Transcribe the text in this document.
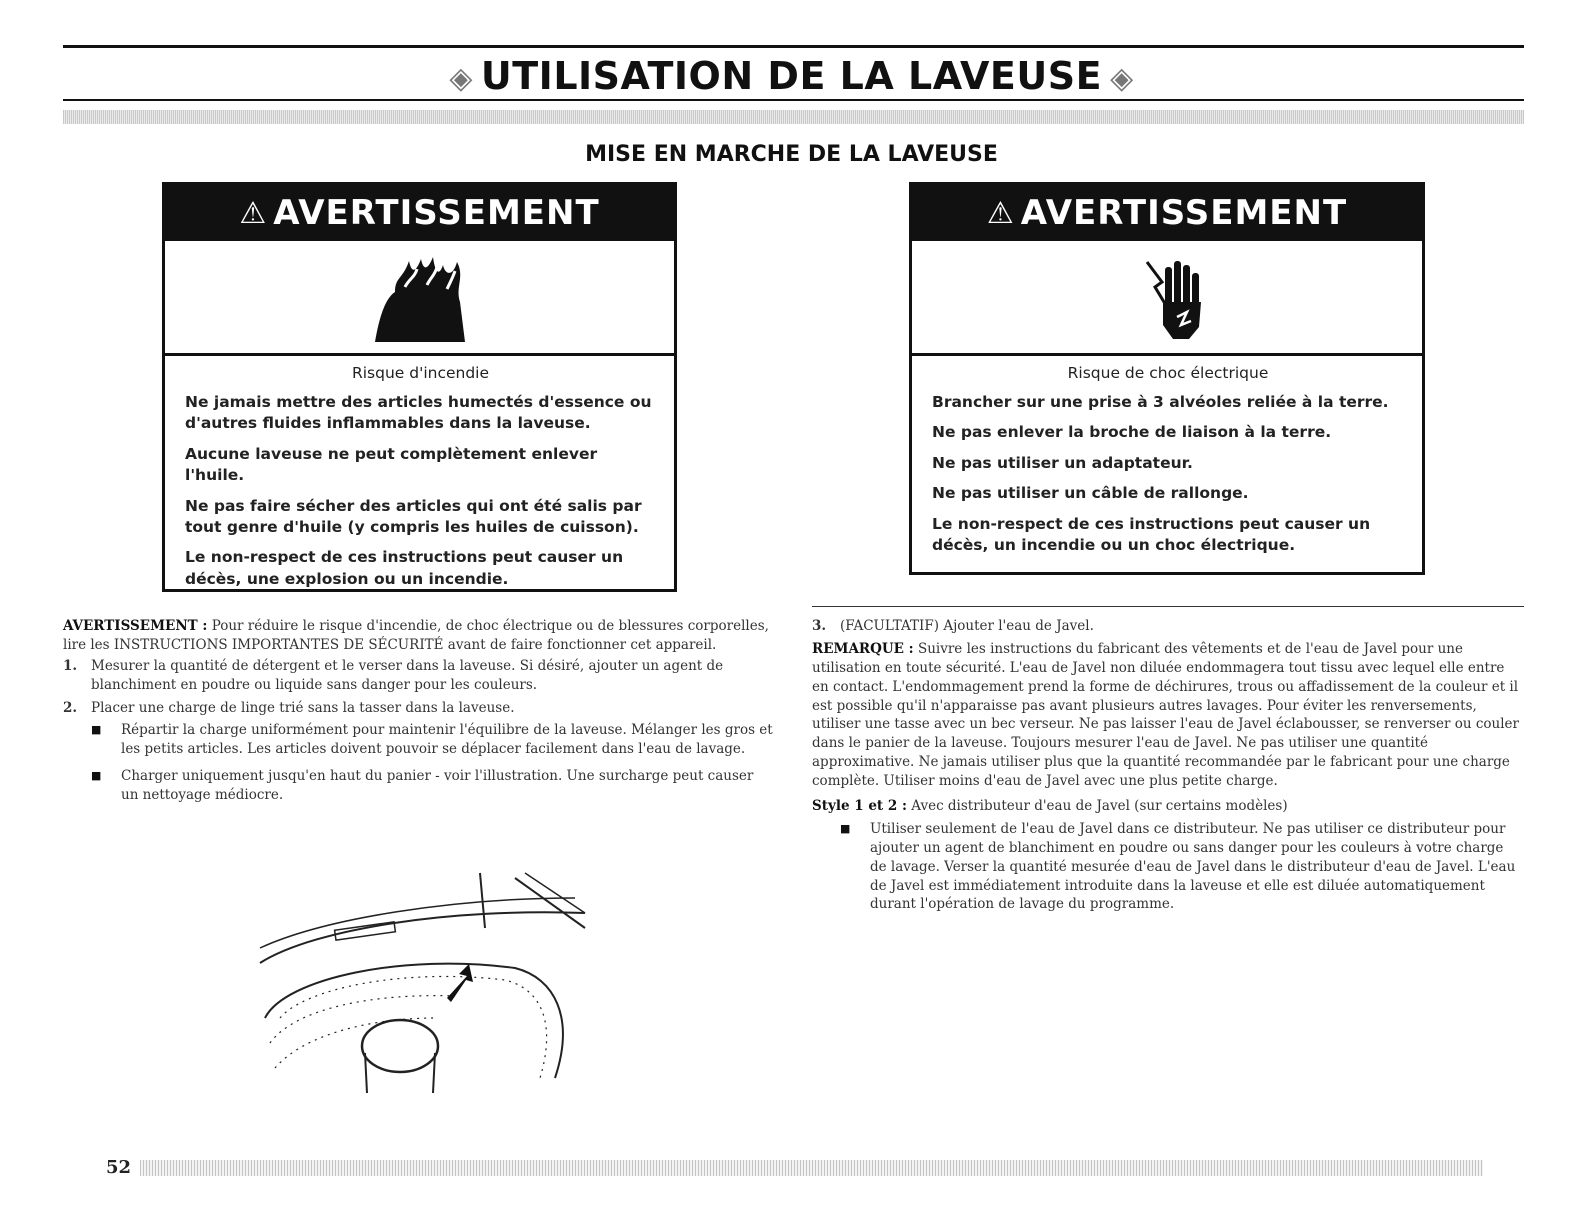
◈ UTILISATION DE LA LAVEUSE ◈
MISE EN MARCHE DE LA LAVEUSE
⚠ AVERTISSEMENT
Risque d'incendie

Ne jamais mettre des articles humectés d'essence ou d'autres fluides inflammables dans la laveuse.

Aucune laveuse ne peut complètement enlever l'huile.

Ne pas faire sécher des articles qui ont été salis par tout genre d'huile (y compris les huiles de cuisson).

Le non-respect de ces instructions peut causer un décès, une explosion ou un incendie.

⚠ AVERTISSEMENT
Risque de choc électrique

Brancher sur une prise à 3 alvéoles reliée à la terre.

Ne pas enlever la broche de liaison à la terre.

Ne pas utiliser un adaptateur.

Ne pas utiliser un câble de rallonge.

Le non-respect de ces instructions peut causer un décès, un incendie ou un choc électrique.

AVERTISSEMENT : Pour réduire le risque d'incendie, de choc électrique ou de blessures corporelles, lire les INSTRUCTIONS IMPORTANTES DE SÉCURITÉ avant de faire fonctionner cet appareil.

1.	Mesurer la quantité de détergent et le verser dans la laveuse. Si désiré, ajouter un agent de blanchiment en poudre ou liquide sans danger pour les couleurs.
2.	Placer une charge de linge trié sans la tasser dans la laveuse.
■	Répartir la charge uniformément pour maintenir l'équilibre de la laveuse. Mélanger les gros et les petits articles. Les articles doivent pouvoir se déplacer facilement dans l'eau de lavage.
■	Charger uniquement jusqu'en haut du panier - voir l'illustration. Une surcharge peut causer un nettoyage médiocre.
3.	(FACULTATIF) Ajouter l'eau de Javel.

REMARQUE : Suivre les instructions du fabricant des vêtements et de l'eau de Javel pour une utilisation en toute sécurité. L'eau de Javel non diluée endommagera tout tissu avec lequel elle entre en contact. L'endommagement prend la forme de déchirures, trous ou affadissement de la couleur et il est possible qu'il n'apparaisse pas avant plusieurs autres lavages. Pour éviter les renversements, utiliser une tasse avec un bec verseur. Ne pas laisser l'eau de Javel éclabousser, se renverser ou couler dans le panier de la laveuse. Toujours mesurer l'eau de Javel. Ne pas utiliser une quantité approximative. Ne jamais utiliser plus que la quantité recommandée par le fabricant pour une charge complète. Utiliser moins d'eau de Javel avec une plus petite charge.

Style 1 et 2 : Avec distributeur d'eau de Javel (sur certains modèles)

■	Utiliser seulement de l'eau de Javel dans ce distributeur. Ne pas utiliser ce distributeur pour ajouter un agent de blanchiment en poudre ou sans danger pour les couleurs à votre charge de lavage. Verser la quantité mesurée d'eau de Javel dans le distributeur d'eau de Javel. L'eau de Javel est immédiatement introduite dans la laveuse et elle est diluée automatiquement durant l'opération de lavage du programme.
52
